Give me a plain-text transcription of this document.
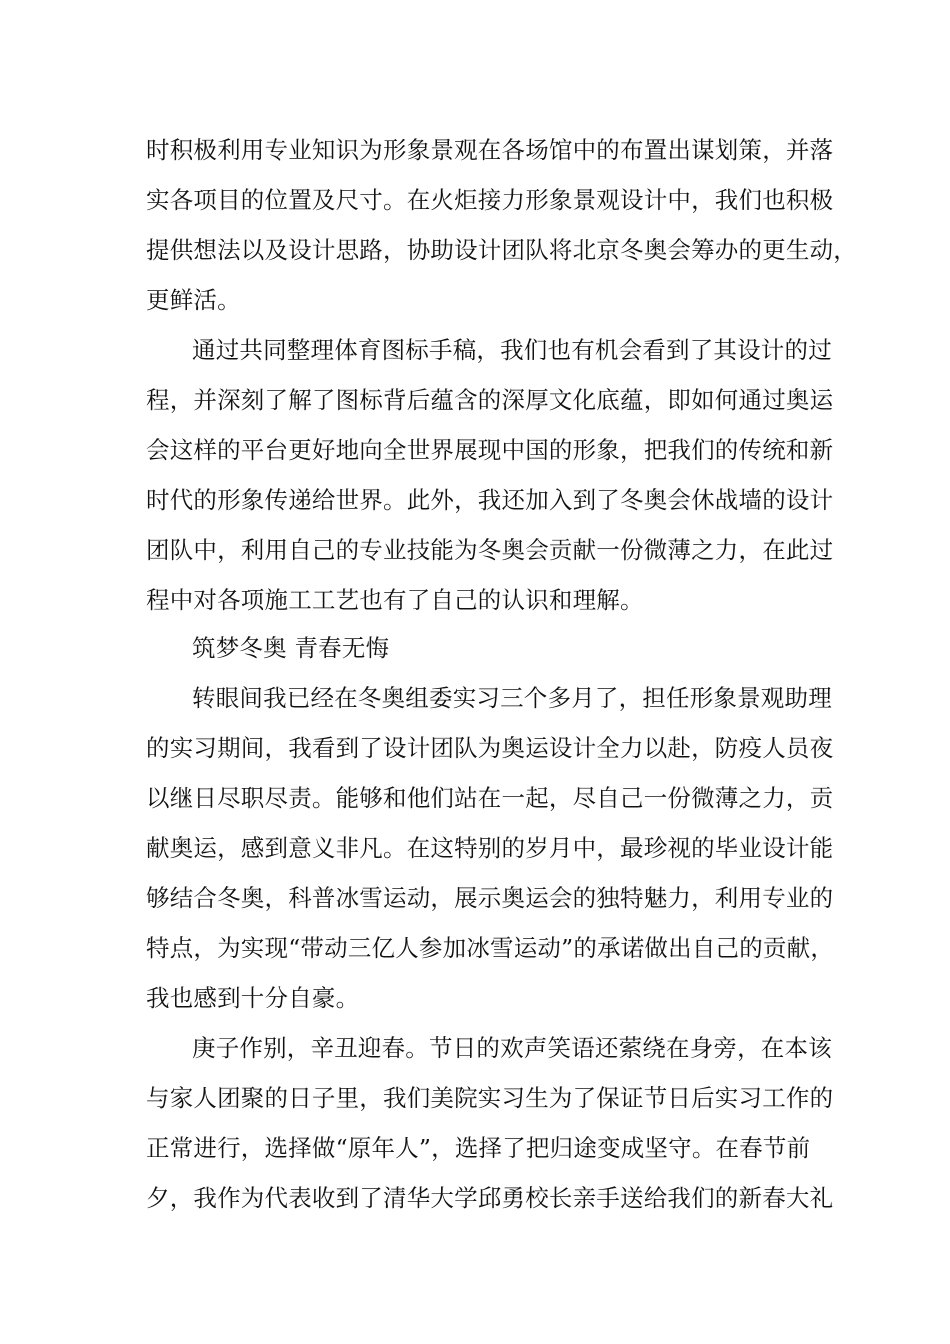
时积极利用专业知识为形象景观在各场馆中的布置出谋划策，并落
实各项目的位置及尺寸。在火炬接力形象景观设计中，我们也积极
提供想法以及设计思路，协助设计团队将北京冬奥会筹办的更生动，
更鲜活。
通过共同整理体育图标手稿，我们也有机会看到了其设计的过
程，并深刻了解了图标背后蕴含的深厚文化底蕴，即如何通过奥运
会这样的平台更好地向全世界展现中国的形象，把我们的传统和新
时代的形象传递给世界。此外，我还加入到了冬奥会休战墙的设计
团队中，利用自己的专业技能为冬奥会贡献一份微薄之力，在此过
程中对各项施工工艺也有了自己的认识和理解。
筑梦冬奥 青春无悔
转眼间我已经在冬奥组委实习三个多月了，担任形象景观助理
的实习期间，我看到了设计团队为奥运设计全力以赴，防疫人员夜
以继日尽职尽责。能够和他们站在一起，尽自己一份微薄之力，贡
献奥运，感到意义非凡。在这特别的岁月中，最珍视的毕业设计能
够结合冬奥，科普冰雪运动，展示奥运会的独特魅力，利用专业的
特点，为实现“带动三亿人参加冰雪运动”的承诺做出自己的贡献，
我也感到十分自豪。
庚子作别，辛丑迎春。节日的欢声笑语还萦绕在身旁，在本该
与家人团聚的日子里，我们美院实习生为了保证节日后实习工作的
正常进行，选择做“原年人”，选择了把归途变成坚守。在春节前
夕，我作为代表收到了清华大学邱勇校长亲手送给我们的新春大礼
